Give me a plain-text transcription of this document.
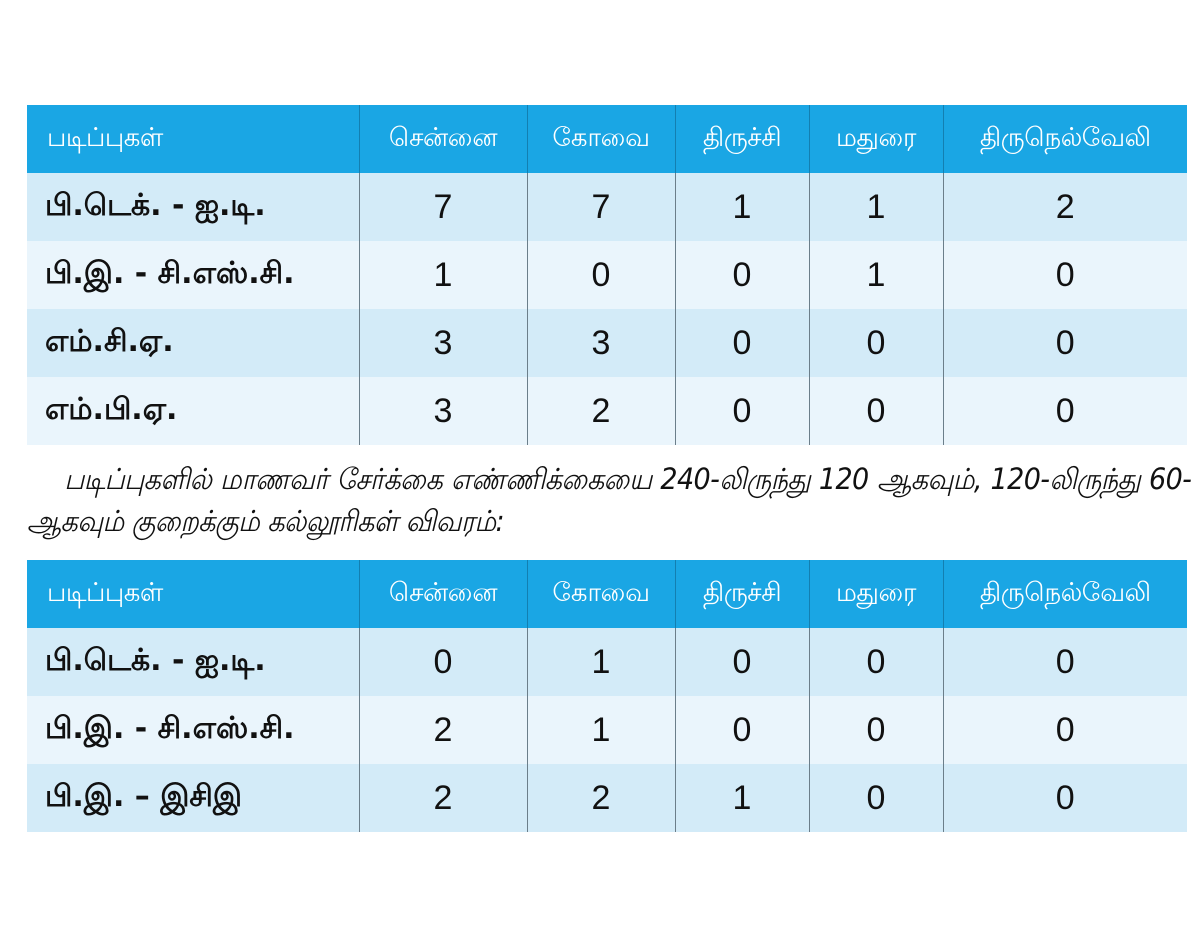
படிப்புகள்	சென்னை	கோவை	திருச்சி	மதுரை	திருநெல்வேலி
பி.டெக். - ஐ.டி.	7	7	1	1	2
பி.இ. - சி.எஸ்.சி.	1	0	0	1	0
எம்.சி.ஏ.	3	3	0	0	0
எம்.பி.ஏ.	3	2	0	0	0
படிப்புகளில் மாணவர் சேர்க்கை எண்ணிக்கையை 240-லிருந்து 120 ஆகவும், 120-லிருந்து 60-ஆகவும் குறைக்கும் கல்லூரிகள் விவரம்:
படிப்புகள்	சென்னை	கோவை	திருச்சி	மதுரை	திருநெல்வேலி
பி.டெக். - ஐ.டி.	0	1	0	0	0
பி.இ. - சி.எஸ்.சி.	2	1	0	0	0
பி.இ. – இசிஇ	2	2	1	0	0
